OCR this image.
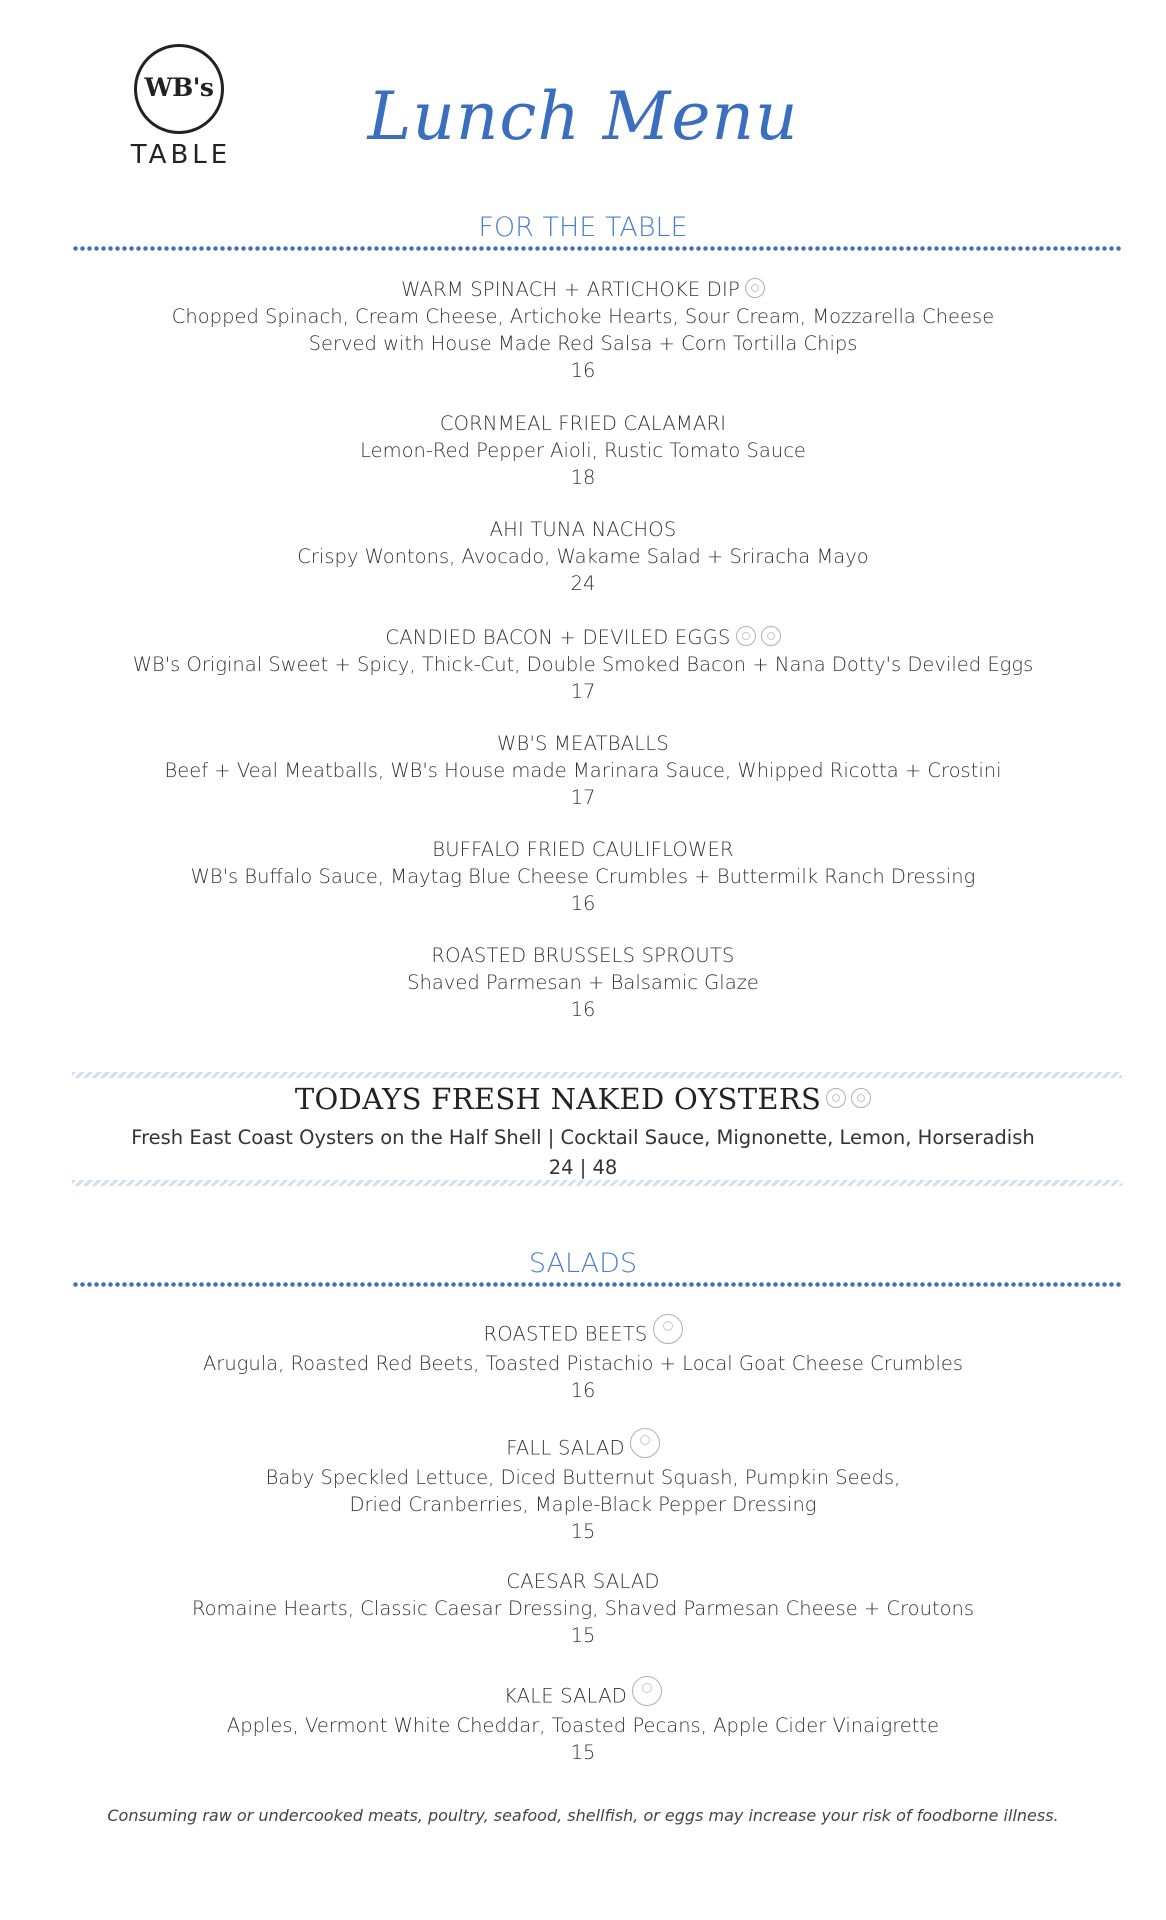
WB's
TABLE	Lunch Menu
FOR THE TABLE
WARM SPINACH + ARTICHOKE DIP
Chopped Spinach, Cream Cheese, Artichoke Hearts, Sour Cream, Mozzarella Cheese
Served with House Made Red Salsa + Corn Tortilla Chips
16
CORNMEAL FRIED CALAMARI
Lemon-Red Pepper Aioli, Rustic Tomato Sauce
18
AHI TUNA NACHOS
Crispy Wontons, Avocado, Wakame Salad + Sriracha Mayo
24
CANDIED BACON + DEVILED EGGS
WB's Original Sweet + Spicy, Thick-Cut, Double Smoked Bacon + Nana Dotty's Deviled Eggs
17
WB'S MEATBALLS
Beef + Veal Meatballs, WB's House made Marinara Sauce, Whipped Ricotta + Crostini
17
BUFFALO FRIED CAULIFLOWER
WB's Buffalo Sauce, Maytag Blue Cheese Crumbles + Buttermilk Ranch Dressing
16
ROASTED BRUSSELS SPROUTS
Shaved Parmesan + Balsamic Glaze
16
TODAYS FRESH NAKED OYSTERS
Fresh East Coast Oysters on the Half Shell | Cocktail Sauce, Mignonette, Lemon, Horseradish
24 | 48
SALADS
ROASTED BEETS
Arugula, Roasted Red Beets, Toasted Pistachio + Local Goat Cheese Crumbles
16
FALL SALAD
Baby Speckled Lettuce, Diced Butternut Squash, Pumpkin Seeds,
Dried Cranberries, Maple-Black Pepper Dressing
15
CAESAR SALAD
Romaine Hearts, Classic Caesar Dressing, Shaved Parmesan Cheese + Croutons
15
KALE SALAD
Apples, Vermont White Cheddar, Toasted Pecans, Apple Cider Vinaigrette
15
Consuming raw or undercooked meats, poultry, seafood, shellfish, or eggs may increase your risk of foodborne illness.
